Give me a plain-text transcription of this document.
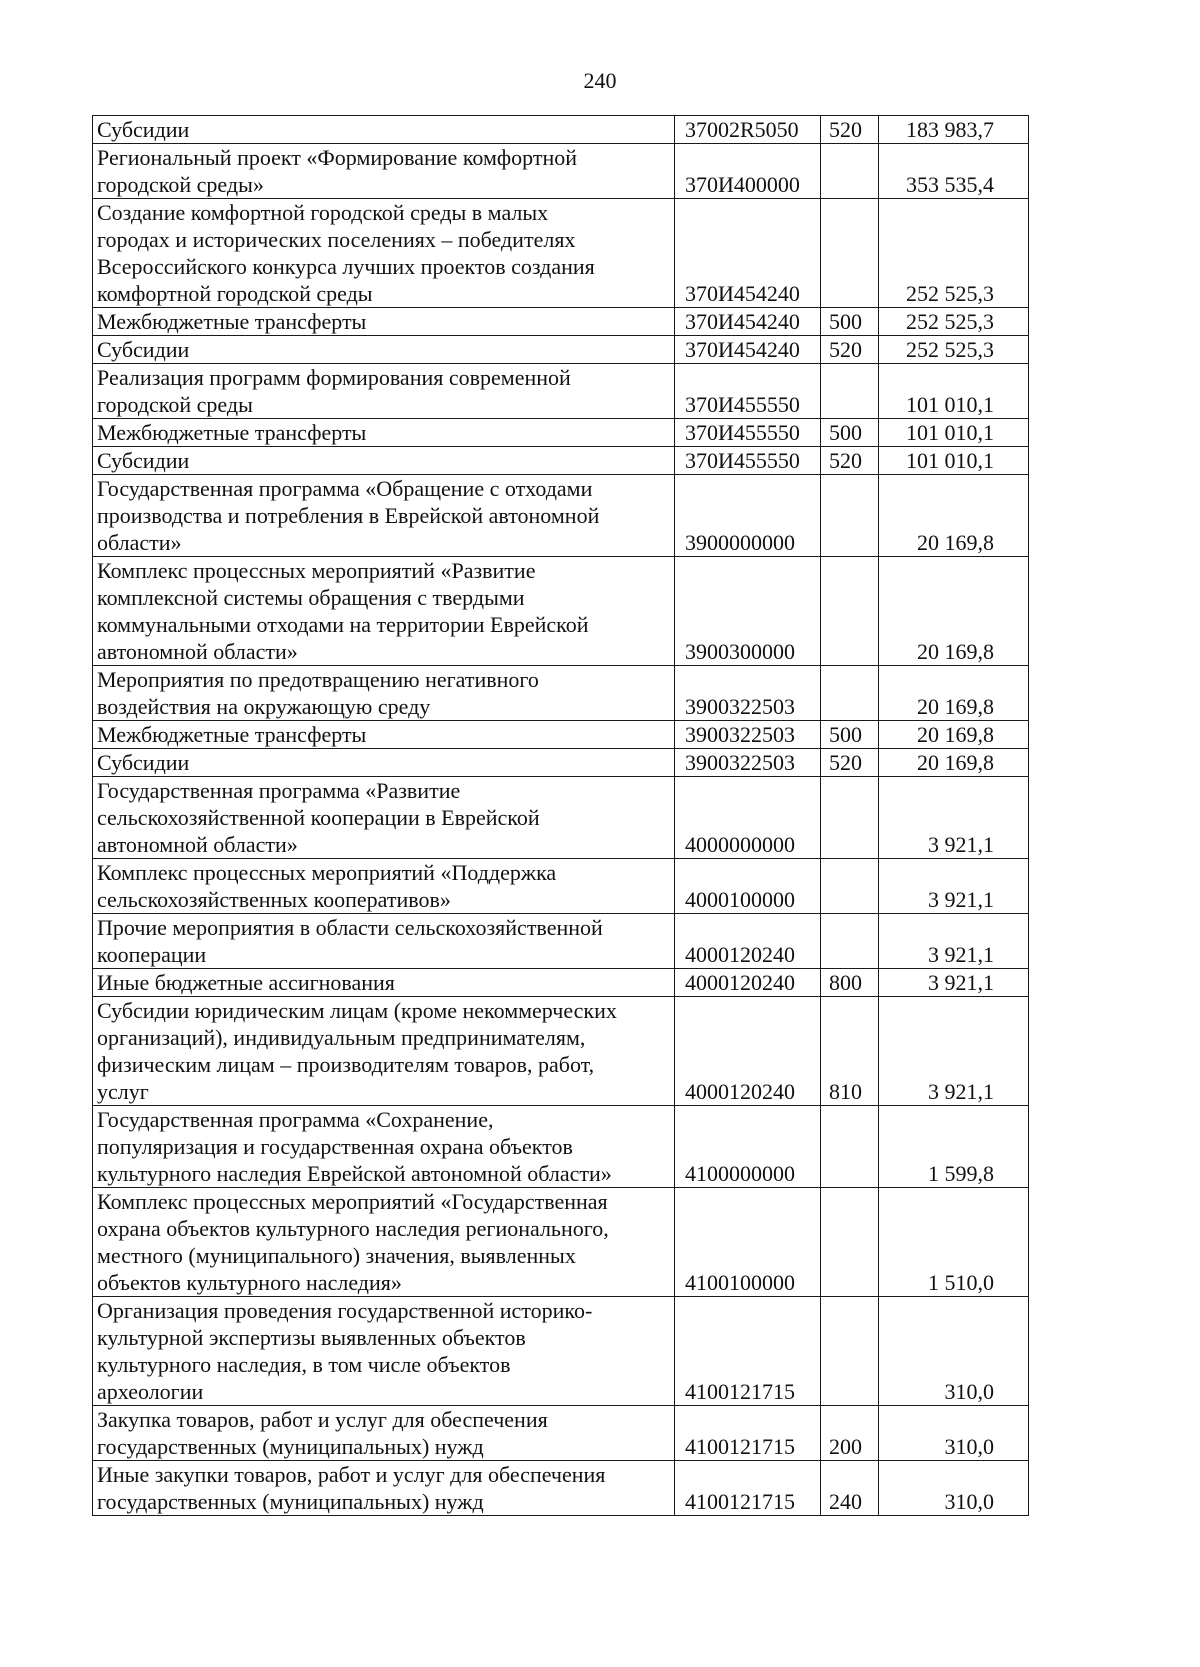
240
Субсидии	37002R5050	520	183 983,7
Региональный проект «Формирование комфортной
городской среды»	370И400000		353 535,4
Создание комфортной городской среды в малых
городах и исторических поселениях – победителях
Всероссийского конкурса лучших проектов создания
комфортной городской среды	370И454240		252 525,3
Межбюджетные трансферты	370И454240	500	252 525,3
Субсидии	370И454240	520	252 525,3
Реализация программ формирования современной
городской среды	370И455550		101 010,1
Межбюджетные трансферты	370И455550	500	101 010,1
Субсидии	370И455550	520	101 010,1
Государственная программа «Обращение с отходами
производства и потребления в Еврейской автономной
области»	3900000000		20 169,8
Комплекс процессных мероприятий «Развитие
комплексной системы обращения с твердыми
коммунальными отходами на территории Еврейской
автономной области»	3900300000		20 169,8
Мероприятия по предотвращению негативного
воздействия на окружающую среду	3900322503		20 169,8
Межбюджетные трансферты	3900322503	500	20 169,8
Субсидии	3900322503	520	20 169,8
Государственная программа «Развитие
сельскохозяйственной кооперации в Еврейской
автономной области»	4000000000		3 921,1
Комплекс процессных мероприятий «Поддержка
сельскохозяйственных кооперативов»	4000100000		3 921,1
Прочие мероприятия в области сельскохозяйственной
кооперации	4000120240		3 921,1
Иные бюджетные ассигнования	4000120240	800	3 921,1
Субсидии юридическим лицам (кроме некоммерческих
организаций), индивидуальным предпринимателям,
физическим лицам – производителям товаров, работ,
услуг	4000120240	810	3 921,1
Государственная программа «Сохранение,
популяризация и государственная охрана объектов
культурного наследия Еврейской автономной области»	4100000000		1 599,8
Комплекс процессных мероприятий «Государственная
охрана объектов культурного наследия регионального,
местного (муниципального) значения, выявленных
объектов культурного наследия»	4100100000		1 510,0
Организация проведения государственной историко-
культурной экспертизы выявленных объектов
культурного наследия, в том числе объектов
археологии	4100121715		310,0
Закупка товаров, работ и услуг для обеспечения
государственных (муниципальных) нужд	4100121715	200	310,0
Иные закупки товаров, работ и услуг для обеспечения
государственных (муниципальных) нужд	4100121715	240	310,0
